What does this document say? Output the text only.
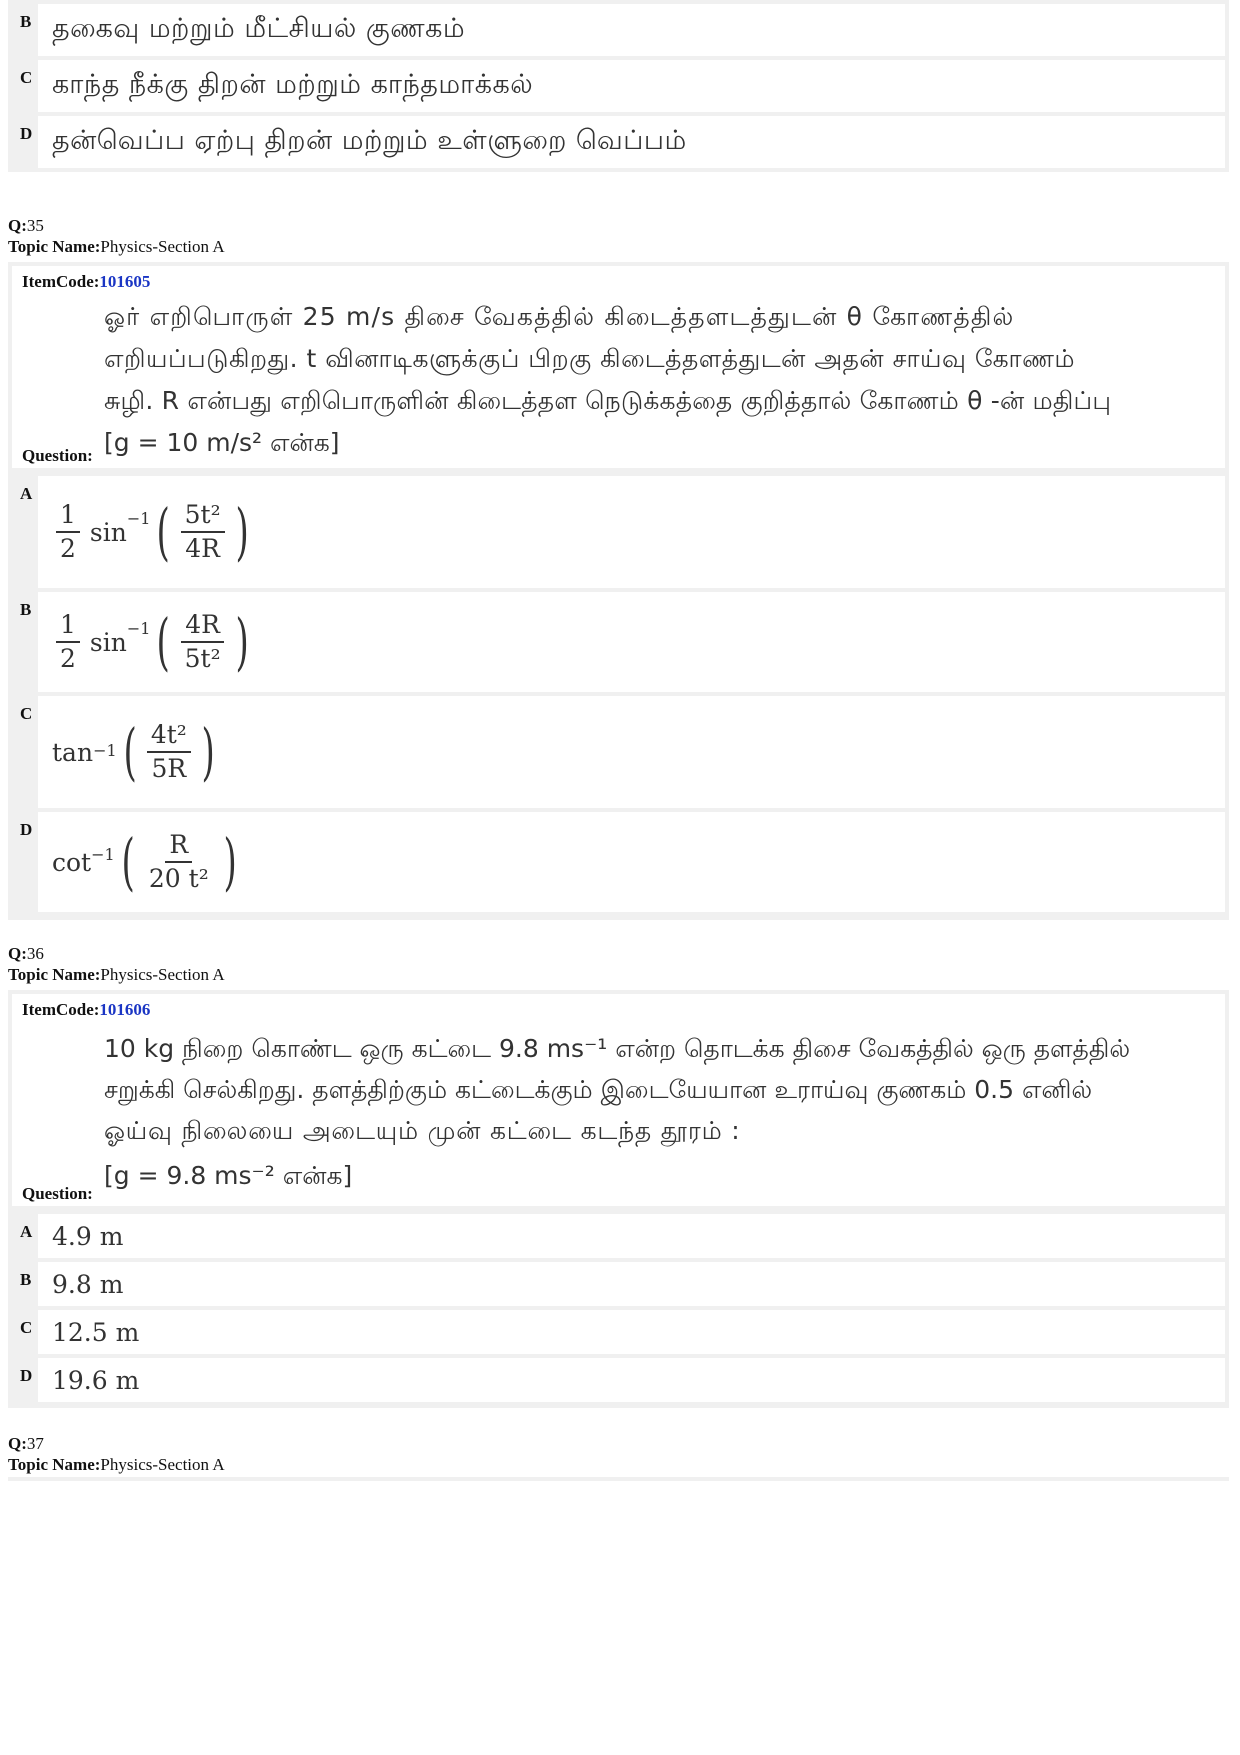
B தகைவு மற்றும் மீட்சியல் குணகம்
C காந்த நீக்கு திறன் மற்றும் காந்தமாக்கல்
D தன்வெப்ப ஏற்பு திறன் மற்றும் உள்ளுறை வெப்பம்
Q:35
Topic Name:Physics-Section A
ItemCode:101605
ஓர் எறிபொருள் 25 m/s திசை வேகத்தில் கிடைத்தளடத்துடன் θ கோணத்தில்
எறியப்படுகிறது. t வினாடிகளுக்குப் பிறகு கிடைத்தளத்துடன் அதன் சாய்வு கோணம்
சுழி. R என்பது எறிபொருளின் கிடைத்தள நெடுக்கத்தை குறித்தால் கோணம் θ -ன் மதிப்பு
[g = 10 m/s² என்க]
Question:
A
$\frac{1}{2} \sin^{-1}$ ( $\frac{\text{5t²}}{4R}$ )
B $\frac{1}{2} \sin^{-1}$ ( $\frac{4R}{\text{5t²}}$ )
C
tan −1 ( $\frac{\text{4t²}}{5R}$ )
D
$\cot^{-1}$ ( $\frac{R}{\text{20 t²}}$ )
Q:36
Topic Name:Physics-Section A
ItemCode:101606
10 kg நிறை கொண்ட ஒரு கட்டை 9.8 ms⁻¹ என்ற தொடக்க திசை வேகத்தில் ஒரு தளத்தில்
சறுக்கி செல்கிறது. தளத்திற்கும் கட்டைக்கும் இடையேயான உராய்வு குணகம் 0.5 எனில்
ஓய்வு நிலையை அடையும் முன் கட்டை கடந்த தூரம் :
[g = 9.8 ms⁻² என்க]
Question:
A 4.9 m
B 9.8 m
C 12.5 m
D 19.6 m
Q:37
Topic Name:Physics-Section A
